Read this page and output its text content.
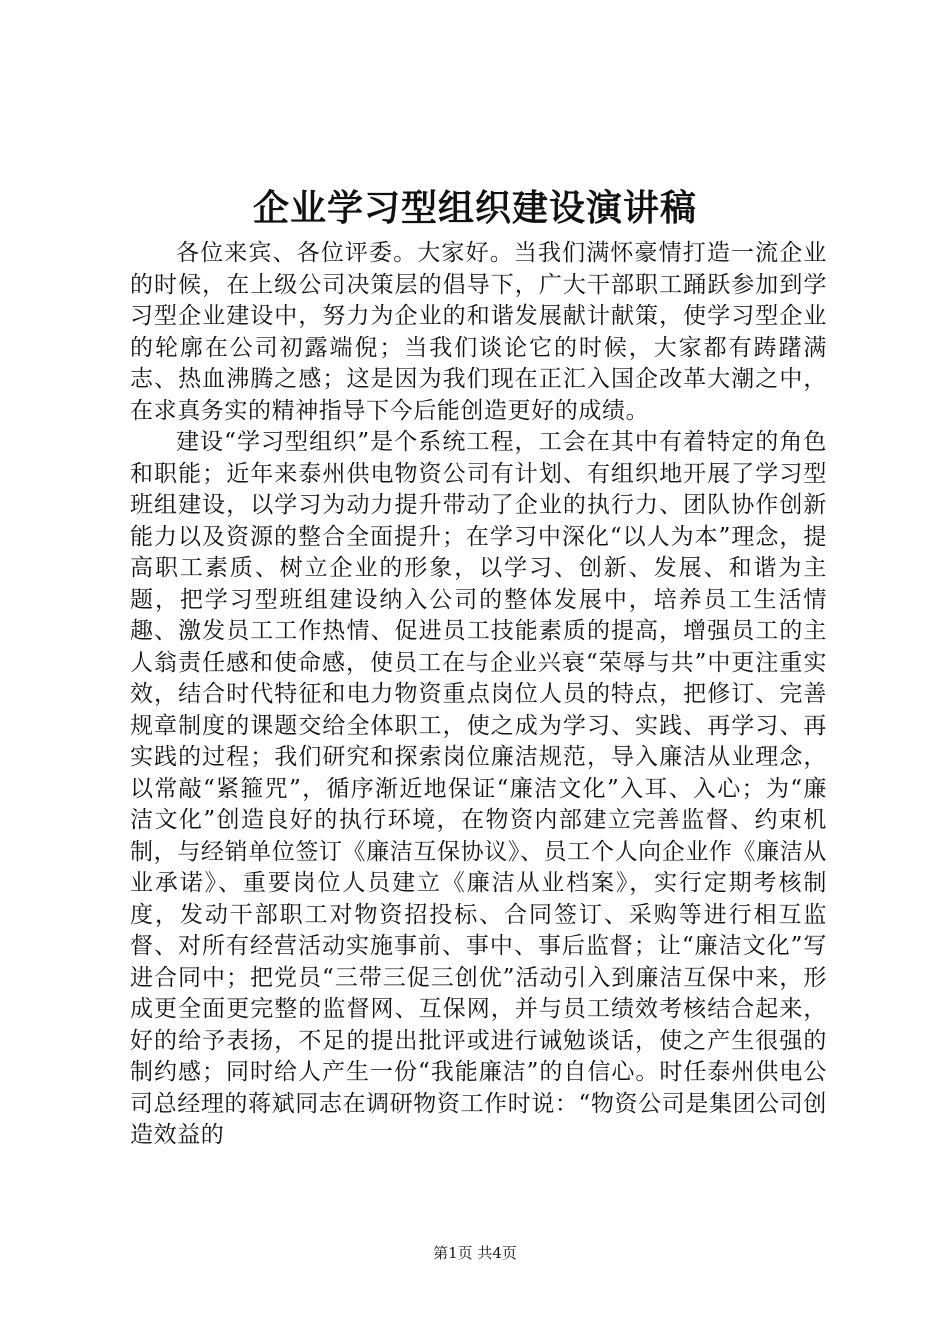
企业学习型组织建设演讲稿

各位来宾、各位评委。大家好。当我们满怀豪情打造一流企业的时候，在上级公司决策层的倡导下，广大干部职工踊跃参加到学习型企业建设中，努力为企业的和谐发展献计献策，使学习型企业的轮廓在公司初露端倪；当我们谈论它的时候，大家都有踌躇满志、热血沸腾之感；这是因为我们现在正汇入国企改革大潮之中，在求真务实的精神指导下今后能创造更好的成绩。

建设“学习型组织”是个系统工程，工会在其中有着特定的角色和职能；近年来泰州供电物资公司有计划、有组织地开展了学习型班组建设，以学习为动力提升带动了企业的执行力、团队协作创新能力以及资源的整合全面提升；在学习中深化“以人为本”理念，提高职工素质、树立企业的形象，以学习、创新、发展、和谐为主题，把学习型班组建设纳入公司的整体发展中，培养员工生活情趣、激发员工工作热情、促进员工技能素质的提高，增强员工的主人翁责任感和使命感，使员工在与企业兴衰“荣辱与共”中更注重实效，结合时代特征和电力物资重点岗位人员的特点，把修订、完善规章制度的课题交给全体职工，使之成为学习、实践、再学习、再实践的过程；我们研究和探索岗位廉洁规范，导入廉洁从业理念，以常敲“紧箍咒”，循序渐近地保证“廉洁文化”入耳、入心；为“廉洁文化”创造良好的执行环境，在物资内部建立完善监督、约束机制，与经销单位签订《廉洁互保协议》、员工个人向企业作《廉洁从业承诺》、重要岗位人员建立《廉洁从业档案》，实行定期考核制度，发动干部职工对物资招投标、合同签订、采购等进行相互监督、对所有经营活动实施事前、事中、事后监督；让“廉洁文化”写进合同中；把党员“三带三促三创优”活动引入到廉洁互保中来，形成更全面更完整的监督网、互保网，并与员工绩效考核结合起来，好的给予表扬，不足的提出批评或进行诫勉谈话，使之产生很强的制约感；同时给人产生一份“我能廉洁”的自信心。时任泰州供电公司总经理的蒋斌同志在调研物资工作时说：“物资公司是集团公司创造效益的

第1页 共4页
